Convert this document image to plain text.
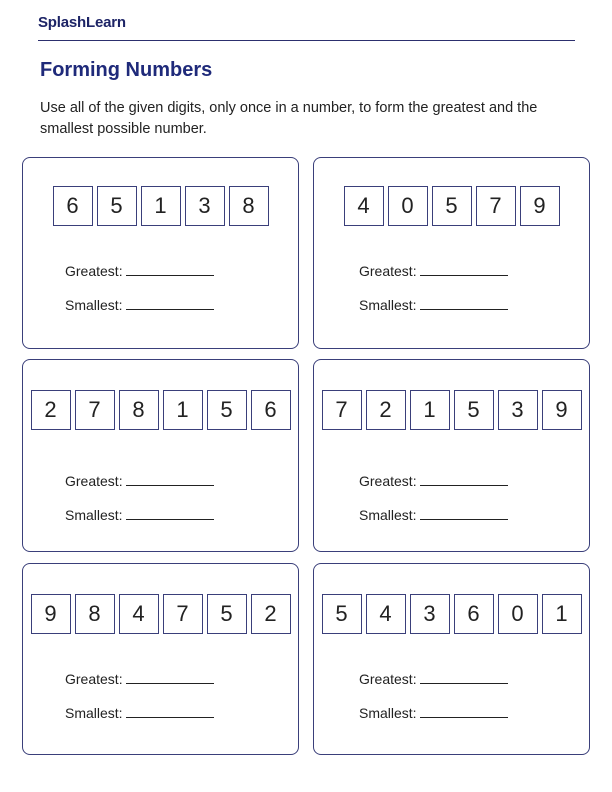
SplashLearn
Forming Numbers
Use all of the given digits, only once in a number, to form the greatest and the smallest possible number.
6	5	1	3	8
Greatest:
Smallest:
4	0	5	7	9
Greatest:
Smallest:
2	7	8	1	5	6
Greatest:
Smallest:
7	2	1	5	3	9
Greatest:
Smallest:
9	8	4	7	5	2
Greatest:
Smallest:
5	4	3	6	0	1
Greatest:
Smallest:
